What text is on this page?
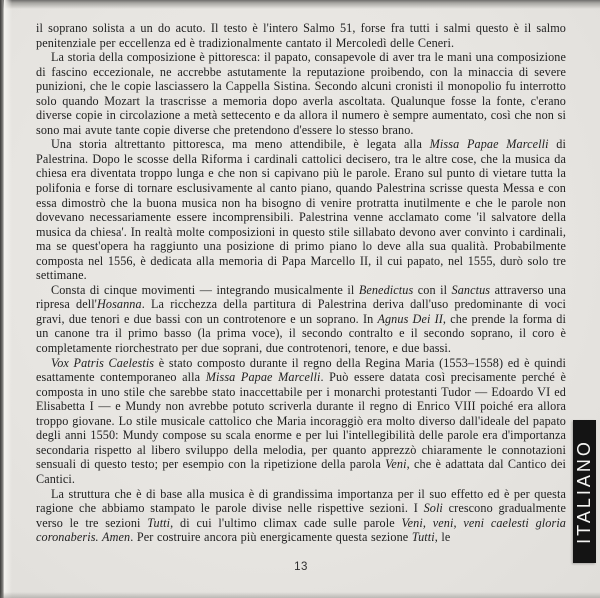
il soprano solista a un do acuto. Il testo è l'intero Salmo 51, forse fra tutti i salmi questo è il salmo penitenziale per eccellenza ed è tradizionalmente cantato il Mercoledì delle Ceneri.

La storia della composizione è pittoresca: il papato, consapevole di aver tra le mani una composizione di fascino eccezionale, ne accrebbe astutamente la reputazione proibendo, con la minaccia di severe punizioni, che le copie lasciassero la Cappella Sistina. Secondo alcuni cronisti il monopolio fu interrotto solo quando Mozart la trascrisse a memoria dopo averla ascoltata. Qualunque fosse la fonte, c'erano diverse copie in circolazione a metà settecento e da allora il numero è sempre aumentato, così che non si sono mai avute tante copie diverse che pretendono d'essere lo stesso brano.

Una storia altrettanto pittoresca, ma meno attendibile, è legata alla Missa Papae Marcelli di Palestrina. Dopo le scosse della Riforma i cardinali cattolici decisero, tra le altre cose, che la musica da chiesa era diventata troppo lunga e che non si capivano più le parole. Erano sul punto di vietare tutta la polifonia e forse di tornare esclusivamente al canto piano, quando Palestrina scrisse questa Messa e con essa dimostrò che la buona musica non ha bisogno di venire protratta inutilmente e che le parole non dovevano necessariamente essere incomprensibili. Palestrina venne acclamato come 'il salvatore della musica da chiesa'. In realtà molte composizioni in questo stile sillabato devono aver convinto i cardinali, ma se quest'opera ha raggiunto una posizione di primo piano lo deve alla sua qualità. Probabilmente composta nel 1556, è dedicata alla memoria di Papa Marcello II, il cui papato, nel 1555, durò solo tre settimane.

Consta di cinque movimenti — integrando musicalmente il Benedictus con il Sanctus attraverso una ripresa dell'Hosanna. La ricchezza della partitura di Palestrina deriva dall'uso predominante di voci gravi, due tenori e due bassi con un controtenore e un soprano. In Agnus Dei II, che prende la forma di un canone tra il primo basso (la prima voce), il secondo contralto e il secondo soprano, il coro è completamente riorchestrato per due soprani, due controtenori, tenore, e due bassi.

Vox Patris Caelestis è stato composto durante il regno della Regina Maria (1553–1558) ed è quindi esattamente contemporaneo alla Missa Papae Marcelli. Può essere datata così precisamente perché è composta in uno stile che sarebbe stato inaccettabile per i monarchi protestanti Tudor — Edoardo VI ed Elisabetta I — e Mundy non avrebbe potuto scriverla durante il regno di Enrico VIII poiché era allora troppo giovane. Lo stile musicale cattolico che Maria incoraggiò era molto diverso dall'ideale del papato degli anni 1550: Mundy compose su scala enorme e per lui l'intellegibilità delle parole era d'importanza secondaria rispetto al libero sviluppo della melodia, per quanto apprezzò chiaramente le connotazioni sensuali di questo testo; per esempio con la ripetizione della parola Veni, che è adattata dal Cantico dei Cantici.

La struttura che è di base alla musica è di grandissima importanza per il suo effetto ed è per questa ragione che abbiamo stampato le parole divise nelle rispettive sezioni. I Soli crescono gradualmente verso le tre sezioni Tutti, di cui l'ultimo climax cade sulle parole Veni, veni, veni caelesti gloria coronaberis. Amen. Per costruire ancora più energicamente questa sezione Tutti, le

13
ITALIANO
